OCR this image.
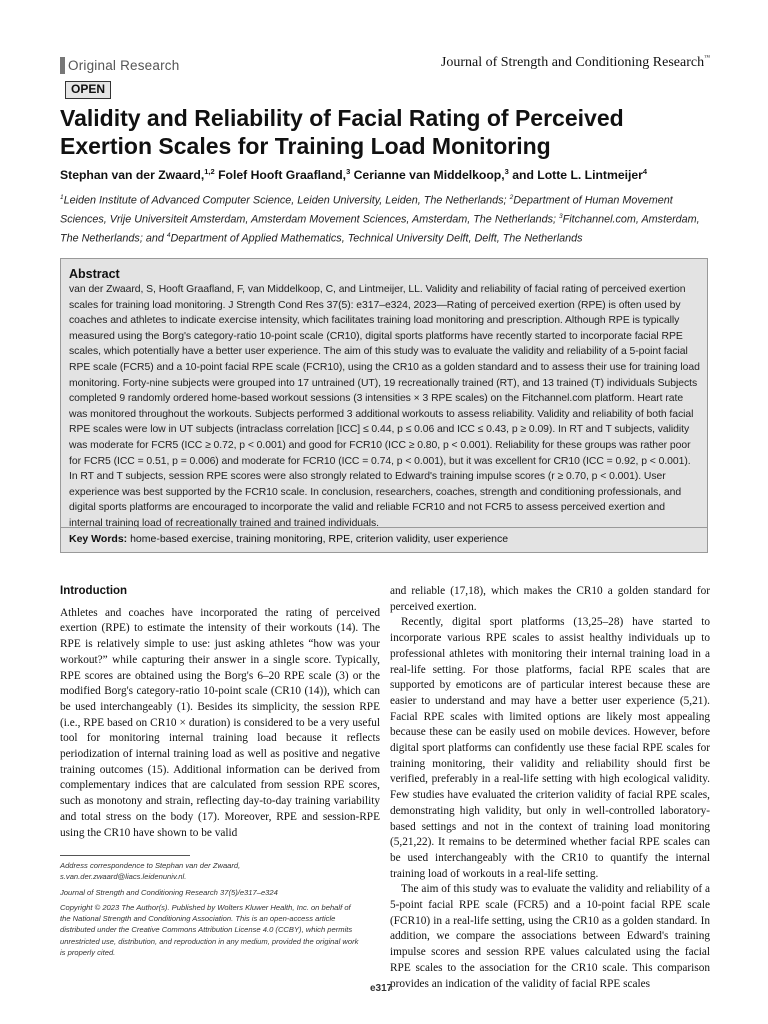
Original Research	Journal of Strength and Conditioning Research™
OPEN
Validity and Reliability of Facial Rating of Perceived Exertion Scales for Training Load Monitoring
Stephan van der Zwaard,$^{1,2}$ Folef Hooft Graafland,$^3$ Cerianne van Middelkoop,$^3$ and Lotte L. Lintmeijer$^4$
$^1$Leiden Institute of Advanced Computer Science, Leiden University, Leiden, The Netherlands; $^2$Department of Human Movement Sciences, Vrije Universiteit Amsterdam, Amsterdam Movement Sciences, Amsterdam, The Netherlands; $^3$Fitchannel.com, Amsterdam, The Netherlands; and $^4$Department of Applied Mathematics, Technical University Delft, Delft, The Netherlands
Abstract
van der Zwaard, S, Hooft Graafland, F, van Middelkoop, C, and Lintmeijer, LL. Validity and reliability of facial rating of perceived exertion scales for training load monitoring. J Strength Cond Res 37(5): e317–e324, 2023—Rating of perceived exertion (RPE) is often used by coaches and athletes to indicate exercise intensity, which facilitates training load monitoring and prescription. Although RPE is typically measured using the Borg's category-ratio 10-point scale (CR10), digital sports platforms have recently started to incorporate facial RPE scales, which potentially have a better user experience. The aim of this study was to evaluate the validity and reliability of a 5-point facial RPE scale (FCR5) and a 10-point facial RPE scale (FCR10), using the CR10 as a golden standard and to assess their use for training load monitoring. Forty-nine subjects were grouped into 17 untrained (UT), 19 recreationally trained (RT), and 13 trained (T) individuals Subjects completed 9 randomly ordered home-based workout sessions (3 intensities × 3 RPE scales) on the Fitchannel.com platform. Heart rate was monitored throughout the workouts. Subjects performed 3 additional workouts to assess reliability. Validity and reliability of both facial RPE scales were low in UT subjects (intraclass correlation [ICC] ≤ 0.44, p ≤ 0.06 and ICC ≤ 0.43, p ≥ 0.09). In RT and T subjects, validity was moderate for FCR5 (ICC ≥ 0.72, p < 0.001) and good for FCR10 (ICC ≥ 0.80, p < 0.001). Reliability for these groups was rather poor for FCR5 (ICC = 0.51, p = 0.006) and moderate for FCR10 (ICC = 0.74, p < 0.001), but it was excellent for CR10 (ICC = 0.92, p < 0.001). In RT and T subjects, session RPE scores were also strongly related to Edward's training impulse scores (r ≥ 0.70, p < 0.001). User experience was best supported by the FCR10 scale. In conclusion, researchers, coaches, strength and conditioning professionals, and digital sports platforms are encouraged to incorporate the valid and reliable FCR10 and not FCR5 to assess perceived exertion and internal training load of recreationally trained and trained individuals.
Key Words: home-based exercise, training monitoring, RPE, criterion validity, user experience
Introduction

Athletes and coaches have incorporated the rating of perceived exertion (RPE) to estimate the intensity of their workouts (14). The RPE is relatively simple to use: just asking athletes “how was your workout?” while capturing their answer in a single score. Typically, RPE scores are obtained using the Borg's 6–20 RPE scale (3) or the modified Borg's category-ratio 10-point scale (CR10 (14)), which can be used interchangeably (1). Besides its simplicity, the session RPE (i.e., RPE based on CR10 × duration) is considered to be a very useful tool for monitoring internal training load because it reflects periodization of internal training load as well as positive and negative training outcomes (15). Additional information can be derived from complementary indices that are calculated from session RPE scores, such as monotony and strain, reflecting day-to-day training variability and total stress on the body (17). Moreover, RPE and session-RPE using the CR10 have shown to be valid

and reliable (17,18), which makes the CR10 a golden standard for perceived exertion.

Recently, digital sport platforms (13,25–28) have started to incorporate various RPE scales to assist healthy individuals up to professional athletes with monitoring their internal training load in a real-life setting. For those platforms, facial RPE scales that are supported by emoticons are of particular interest because these are easier to understand and may have a better user experience (5,21). Facial RPE scales with limited options are likely most appealing because these can be easily used on mobile devices. However, before digital sport platforms can confidently use these facial RPE scales for training monitoring, their validity and reliability should first be verified, preferably in a real-life setting with high ecological validity. Few studies have evaluated the criterion validity of facial RPE scales, demonstrating high validity, but only in well-controlled laboratory-based settings and not in the context of training load monitoring (5,21,22). It remains to be determined whether facial RPE scales can be used interchangeably with the CR10 to quantify the internal training load of workouts in a real-life setting.

The aim of this study was to evaluate the validity and reliability of a 5-point facial RPE scale (FCR5) and a 10-point facial RPE scale (FCR10) in a real-life setting, using the CR10 as a golden standard. In addition, we compare the associations between Edward's training impulse scores and session RPE values calculated using the facial RPE scales to the association for the CR10 scale. This comparison provides an indication of the validity of facial RPE scales

Address correspondence to Stephan van der Zwaard, s.van.der.zwaard@liacs.leidenuniv.nl.
Journal of Strength and Conditioning Research 37(5)/e317–e324
Copyright © 2023 The Author(s). Published by Wolters Kluwer Health, Inc. on behalf of the National Strength and Conditioning Association. This is an open-access article distributed under the Creative Commons Attribution License 4.0 (CCBY), which permits unrestricted use, distribution, and reproduction in any medium, provided the original work is properly cited.
e317
